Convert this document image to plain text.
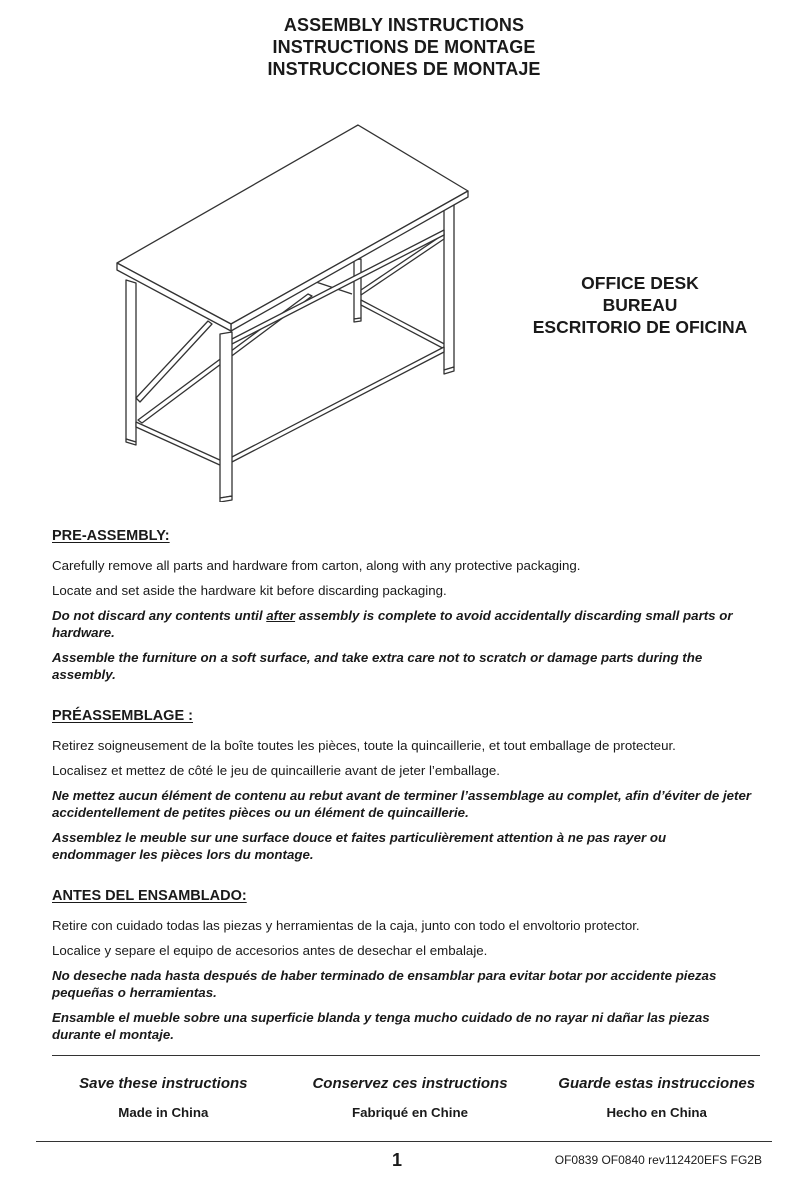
ASSEMBLY INSTRUCTIONS
INSTRUCTIONS DE MONTAGE
INSTRUCCIONES DE MONTAJE
OFFICE DESK
BUREAU
ESCRITORIO DE OFICINA
PRE-ASSEMBLY:

Carefully remove all parts and hardware from carton, along with any protective packaging.

Locate and set aside the hardware kit before discarding packaging.

Do not discard any contents until after assembly is complete to avoid accidentally discarding small parts or hardware.

Assemble the furniture on a soft surface, and take extra care not to scratch or damage parts during the assembly.

PRÉASSEMBLAGE :

Retirez soigneusement de la boîte toutes les pièces, toute la quincaillerie, et tout emballage de protecteur.

Localisez et mettez de côté le jeu de quincaillerie avant de jeter l’emballage.

Ne mettez aucun élément de contenu au rebut avant de terminer l’assemblage au complet, afin d’éviter de jeter accidentellement de petites pièces ou un élément de quincaillerie.

Assemblez le meuble sur une surface douce et faites particulièrement attention à ne pas rayer ou endommager les pièces lors du montage.

ANTES DEL ENSAMBLADO:

Retire con cuidado todas las piezas y herramientas de la caja, junto con todo el envoltorio protector.

Localice y separe el equipo de accesorios antes de desechar el embalaje.

No deseche nada hasta después de haber terminado de ensamblar para evitar botar por accidente piezas pequeñas o herramientas.

Ensamble el mueble sobre una superficie blanda y tenga mucho cuidado de no rayar ni dañar las piezas durante el montaje.

Save these instructions	Conservez ces instructions	Guarde estas instrucciones
Made in China	Fabriqué en Chine	Hecho en China
1	OF0839 OF0840 rev112420EFS FG2B
